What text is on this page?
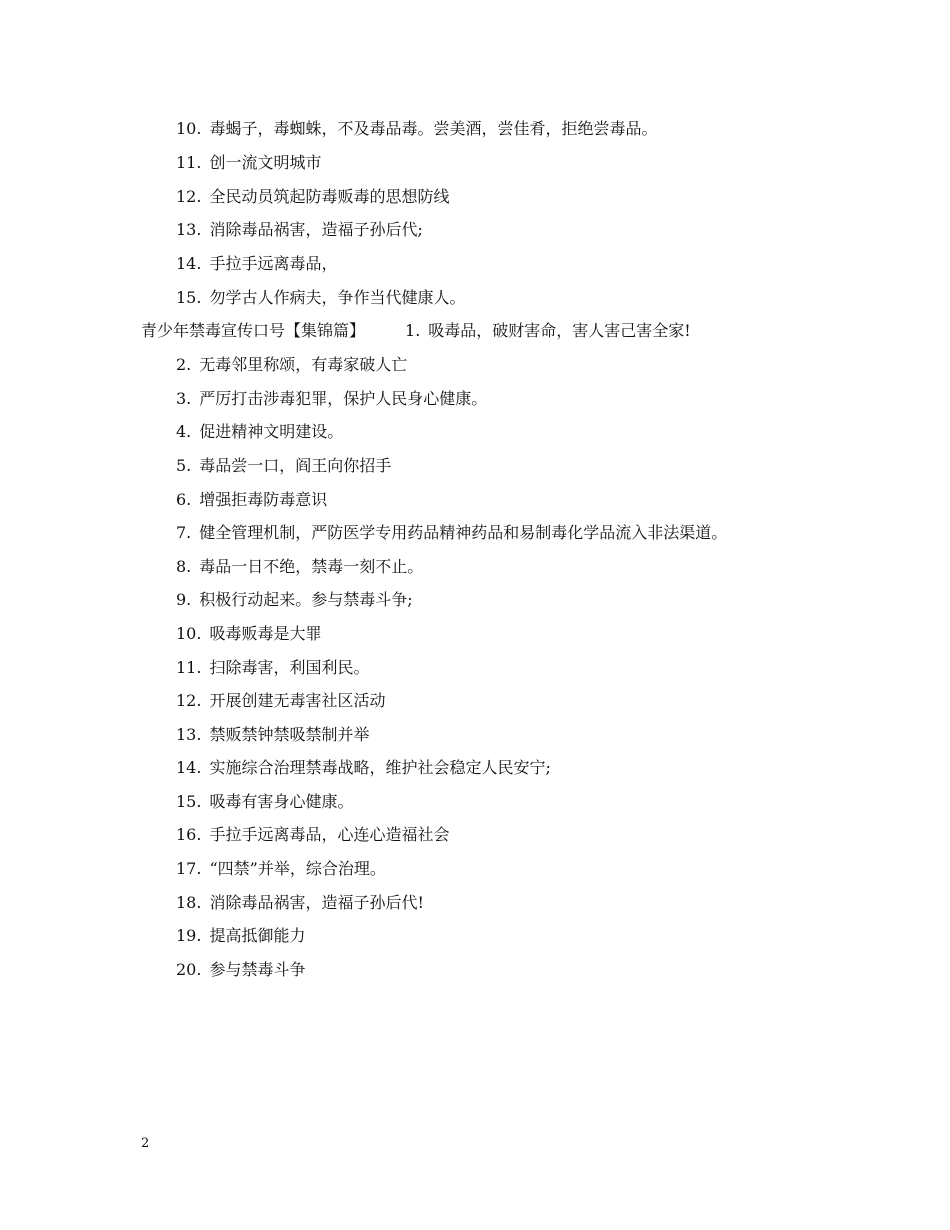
10. 毒蝎子，毒蜘蛛，不及毒品毒。尝美酒，尝佳肴，拒绝尝毒品。
11. 创一流文明城市
12. 全民动员筑起防毒贩毒的思想防线
13. 消除毒品祸害，造福子孙后代;
14. 手拉手远离毒品，
15. 勿学古人作病夫，争作当代健康人。
青少年禁毒宣传口号【集锦篇】	1. 吸毒品，破财害命，害人害己害全家!
2. 无毒邻里称颂，有毒家破人亡
3. 严厉打击涉毒犯罪，保护人民身心健康。
4. 促进精神文明建设。
5. 毒品尝一口，阎王向你招手
6. 增强拒毒防毒意识
7. 健全管理机制，严防医学专用药品精神药品和易制毒化学品流入非法渠道。
8. 毒品一日不绝，禁毒一刻不止。
9. 积极行动起来。参与禁毒斗争;
10. 吸毒贩毒是大罪
11. 扫除毒害，利国利民。
12. 开展创建无毒害社区活动
13. 禁贩禁钟禁吸禁制并举
14. 实施综合治理禁毒战略，维护社会稳定人民安宁;
15. 吸毒有害身心健康。
16. 手拉手远离毒品，心连心造福社会
17. “四禁”并举，综合治理。
18. 消除毒品祸害，造福子孙后代!
19. 提高抵御能力
20. 参与禁毒斗争
2
